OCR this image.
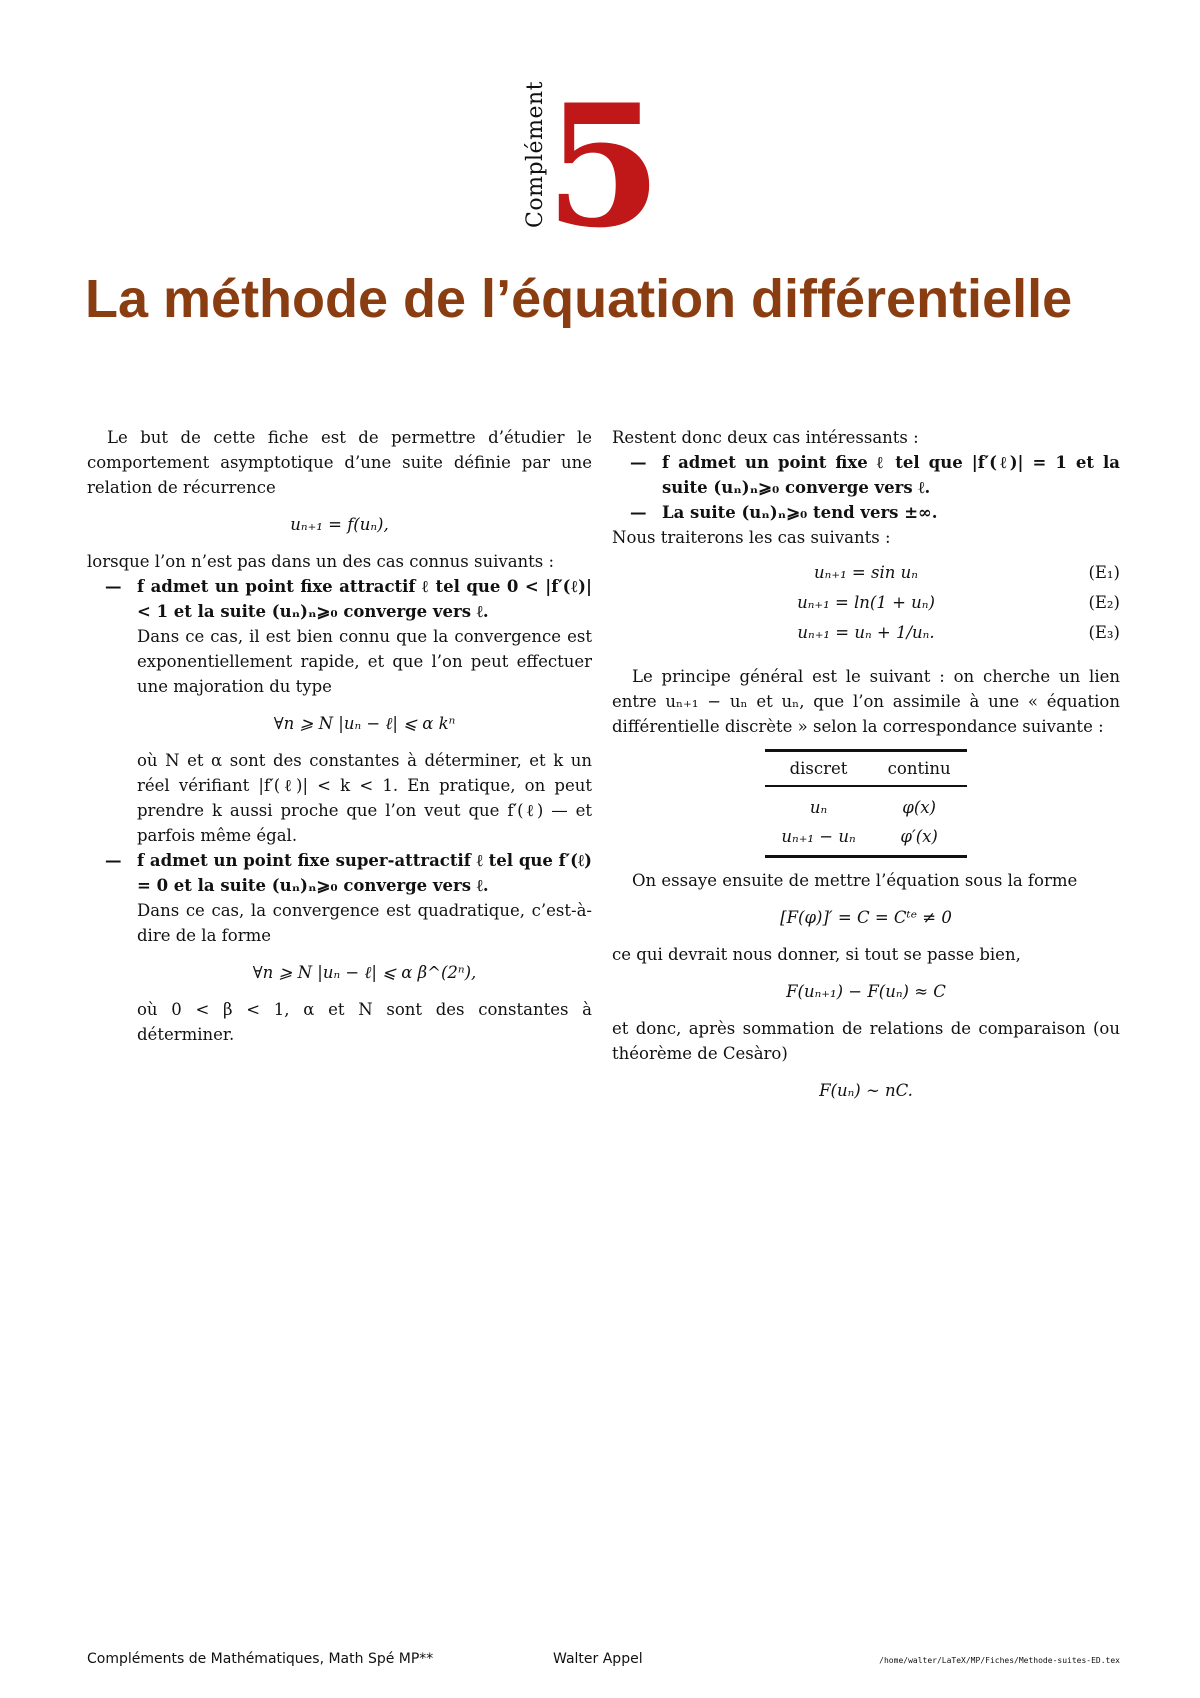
Complément
5
La méthode de l’équation différentielle

Le but de cette fiche est de permettre d’étudier le comportement asymptotique d’une suite définie par une relation de récurrence

uₙ₊₁ = f(uₙ),

lorsque l’on n’est pas dans un des cas connus suivants :

— f admet un point fixe attractif ℓ tel que 0 < |f′(ℓ)| < 1 et la suite (uₙ)ₙ⩾₀ converge vers ℓ.

Dans ce cas, il est bien connu que la convergence est exponentiellement rapide, et que l’on peut effectuer une majoration du type

∀n ⩾ N |uₙ − ℓ| ⩽ α kⁿ

où N et α sont des constantes à déterminer, et k un réel vérifiant |f′(ℓ)| < k < 1. En pratique, on peut prendre k aussi proche que l’on veut que f′(ℓ) — et parfois même égal.

— f admet un point fixe super-attractif ℓ tel que f′(ℓ) = 0 et la suite (uₙ)ₙ⩾₀ converge vers ℓ.

Dans ce cas, la convergence est quadratique, c’est-à-dire de la forme

∀n ⩾ N |uₙ − ℓ| ⩽ α β^(2ⁿ),

où 0 < β < 1, α et N sont des constantes à déterminer.

Restent donc deux cas intéressants :

— f admet un point fixe ℓ tel que |f′(ℓ)| = 1 et la suite (uₙ)ₙ⩾₀ converge vers ℓ.

— La suite (uₙ)ₙ⩾₀ tend vers ±∞.

Nous traiterons les cas suivants :

uₙ₊₁ = sin uₙ	(E₁)
uₙ₊₁ = ln(1 + uₙ)	(E₂)
uₙ₊₁ = uₙ + 1/uₙ.	(E₃)

Le principe général est le suivant : on cherche un lien entre uₙ₊₁ − uₙ et uₙ, que l’on assimile à une « équation différentielle discrète » selon la correspondance suivante :

discret	continu
uₙ	φ(x)
uₙ₊₁ − uₙ	φ′(x)

On essaye ensuite de mettre l’équation sous la forme

[F(φ)]′ = C = Cᵗᵉ ≠ 0

ce qui devrait nous donner, si tout se passe bien,

F(uₙ₊₁) − F(uₙ) ≈ C

et donc, après sommation de relations de comparaison (ou théorème de Cesàro)

F(uₙ) ∼ nC.

Compléments de Mathématiques, Math Spé MP**	Walter Appel	/home/walter/LaTeX/MP/Fiches/Methode-suites-ED.tex
